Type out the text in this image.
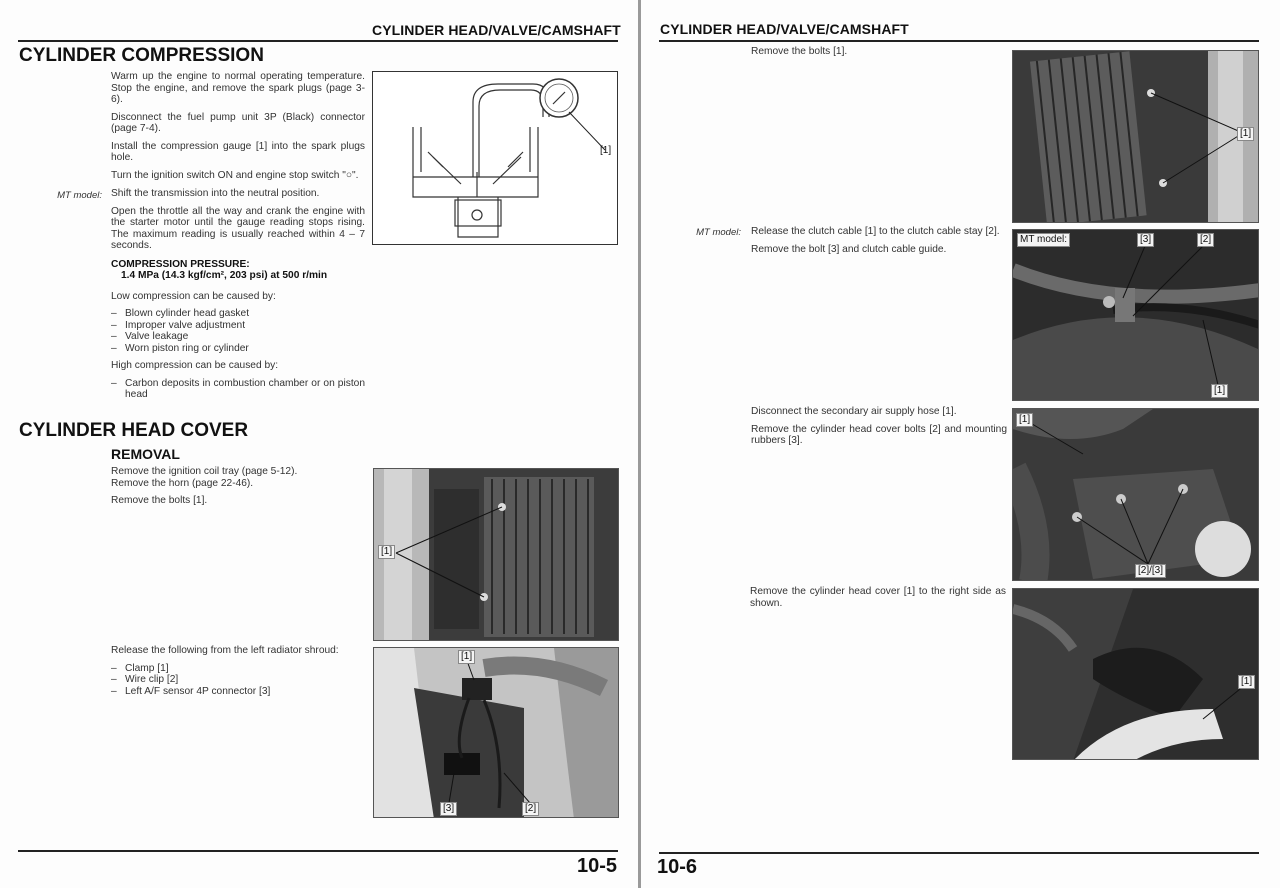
CYLINDER HEAD/VALVE/CAMSHAFT
CYLINDER COMPRESSION
Warm up the engine to normal operating temperature. Stop the engine, and remove the spark plugs (page 3-6).
Disconnect the fuel pump unit 3P (Black) connector (page 7-4).
Install the compression gauge [1] into the spark plugs hole.
Turn the ignition switch ON and engine stop switch "○".
Shift the transmission into the neutral position.
Open the throttle all the way and crank the engine with the starter motor until the gauge reading stops rising. The maximum reading is usually reached within 4 – 7 seconds.
COMPRESSION PRESSURE:
1.4 MPa (14.3 kgf/cm², 203 psi) at 500 r/min
Low compression can be caused by:
– Blown cylinder head gasket
– Improper valve adjustment
– Valve leakage
– Worn piston ring or cylinder
High compression can be caused by:
– Carbon deposits in combustion chamber or on piston head
MT model:
[1]
CYLINDER HEAD COVER
REMOVAL
Remove the ignition coil tray (page 5-12).
Remove the horn (page 22-46).
Remove the bolts [1].
[1]
Release the following from the left radiator shroud:
– Clamp [1]
– Wire clip [2]
– Left A/F sensor 4P connector [3]
[1]
[3]	[2]
10-5
CYLINDER HEAD/VALVE/CAMSHAFT
Remove the bolts [1].
[1]
MT model: Release the clutch cable [1] to the clutch cable stay [2].
Remove the bolt [3] and clutch cable guide.
MT model:	[3]	[2]
[1]
Disconnect the secondary air supply hose [1].
Remove the cylinder head cover bolts [2] and mounting rubbers [3].
[1]
[2]/[3]
Remove the cylinder head cover [1] to the right side as shown.
[1]
10-6
